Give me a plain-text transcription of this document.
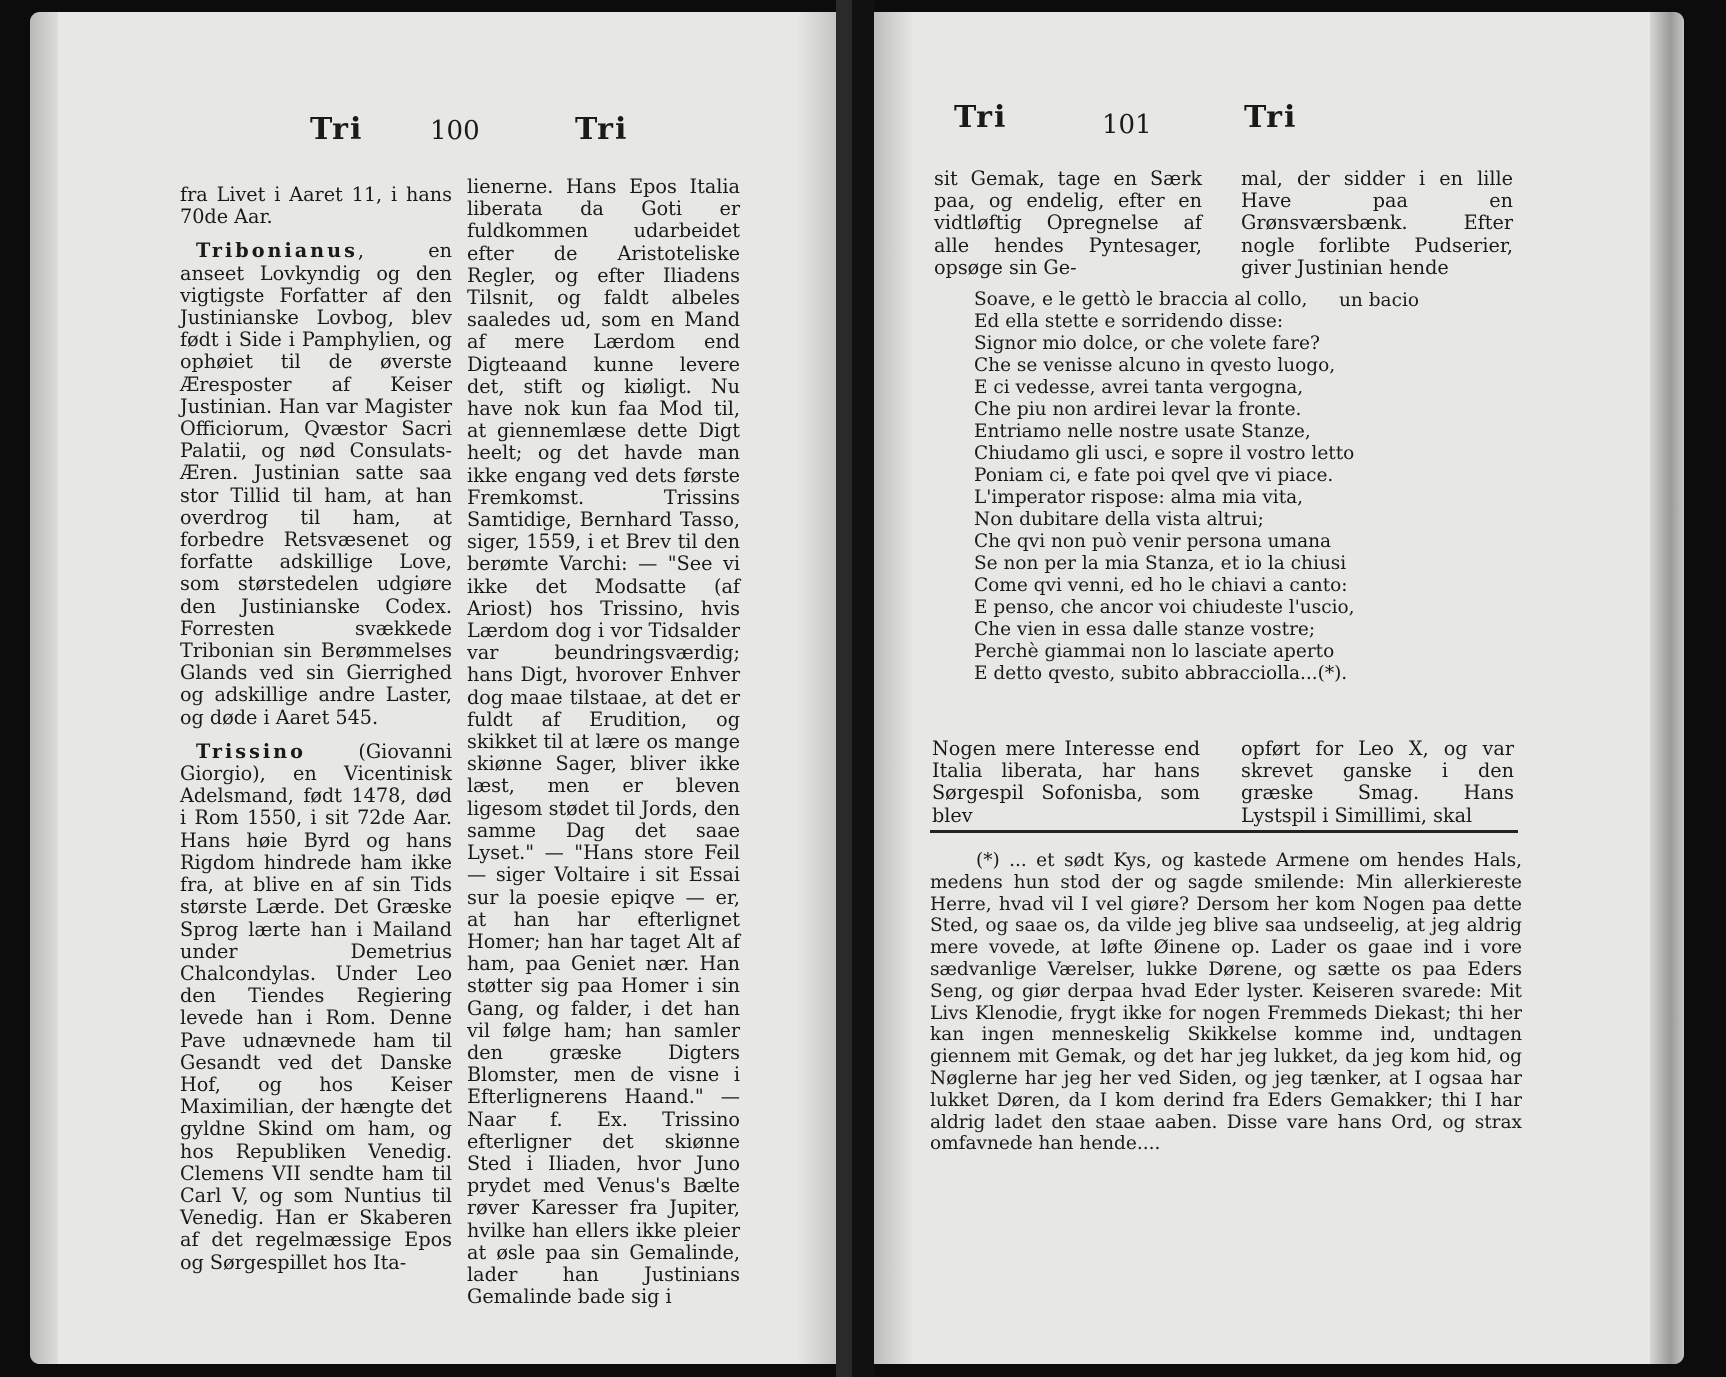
Tri	100	Tri

fra Livet i Aaret 11, i hans 70de Aar.

Tribonianus, en anseet Lovkyndig og den vigtigste Forfatter af den Justinianske Lovbog, blev født i Side i Pamphylien, og ophøiet til de øverste Æresposter af Keiser Justinian. Han var Magister Officiorum, Qvæstor Sacri Palatii, og nød Consulats-Æren. Justinian satte saa stor Tillid til ham, at han overdrog til ham, at forbedre Retsvæsenet og forfatte adskillige Love, som størstedelen udgiøre den Justinianske Codex. Forresten svækkede Tribonian sin Berømmelses Glands ved sin Gierrighed og adskillige andre Laster, og døde i Aaret 545.

Trissino (Giovanni Giorgio), en Vicentinisk Adelsmand, født 1478, død i Rom 1550, i sit 72de Aar. Hans høie Byrd og hans Rigdom hindrede ham ikke fra, at blive en af sin Tids største Lærde. Det Græske Sprog lærte han i Mailand under Demetrius Chalcondylas. Under Leo den Tiendes Regiering levede han i Rom. Denne Pave udnævnede ham til Gesandt ved det Danske Hof, og hos Keiser Maximilian, der hængte det gyldne Skind om ham, og hos Republiken Venedig. Clemens VII sendte ham til Carl V, og som Nuntius til Venedig. Han er Skaberen af det regelmæssige Epos og Sørgespillet hos Ita-

lienerne. Hans Epos Italia liberata da Goti er fuldkommen udarbeidet efter de Aristoteliske Regler, og efter Iliadens Tilsnit, og faldt albeles saaledes ud, som en Mand af mere Lærdom end Digteaand kunne levere det, stift og kiøligt. Nu have nok kun faa Mod til, at giennemlæse dette Digt heelt; og det havde man ikke engang ved dets første Fremkomst. Trissins Samtidige, Bernhard Tasso, siger, 1559, i et Brev til den berømte Varchi: — "See vi ikke det Modsatte (af Ariost) hos Trissino, hvis Lærdom dog i vor Tidsalder var beundringsværdig; hans Digt, hvorover Enhver dog maae tilstaae, at det er fuldt af Erudition, og skikket til at lære os mange skiønne Sager, bliver ikke læst, men er bleven ligesom stødet til Jords, den samme Dag det saae Lyset." — "Hans store Feil — siger Voltaire i sit Essai sur la poesie epiqve — er, at han har efterlignet Homer; han har taget Alt af ham, paa Geniet nær. Han støtter sig paa Homer i sin Gang, og falder, i det han vil følge ham; han samler den græske Digters Blomster, men de visne i Efterlignerens Haand." — Naar f. Ex. Trissino efterligner det skiønne Sted i Iliaden, hvor Juno prydet med Venus's Bælte røver Karesser fra Jupiter, hvilke han ellers ikke pleier at øsle paa sin Gemalinde, lader han Justinians Gemalinde bade sig i

Tri	101	Tri

sit Gemak, tage en Særk paa, og endelig, efter en vidtløftig Opregnelse af alle hendes Pyntesager, opsøge sin Ge-

mal, der sidder i en lille Have paa en Grønsværsbænk. Efter nogle forlibte Pudserier, giver Justinian hende

un bacio
Soave, e le gettò le braccia al collo,
Ed ella stette e sorridendo disse:
Signor mio dolce, or che volete fare?
Che se venisse alcuno in qvesto luogo,
E ci vedesse, avrei tanta vergogna,
Che piu non ardirei levar la fronte.
Entriamo nelle nostre usate Stanze,
Chiudamo gli usci, e sopre il vostro letto
Poniam ci, e fate poi qvel qve vi piace.
L'imperator rispose: alma mia vita,
Non dubitare della vista altrui;
Che qvi non può venir persona umana
Se non per la mia Stanza, et io la chiusi
Come qvi venni, ed ho le chiavi a canto:
E penso, che ancor voi chiudeste l'uscio,
Che vien in essa dalle stanze vostre;
Perchè giammai non lo lasciate aperto
E detto qvesto, subito abbracciolla...(*).

Nogen mere Interesse end Italia liberata, har hans Sørgespil Sofonisba, som blev

opført for Leo X, og var skrevet ganske i den græske Smag. Hans Lystspil i Simillimi, skal

(*) ... et sødt Kys, og kastede Armene om hendes Hals, medens hun stod der og sagde smilende: Min allerkiereste Herre, hvad vil I vel giøre? Dersom her kom Nogen paa dette Sted, og saae os, da vilde jeg blive saa undseelig, at jeg aldrig mere vovede, at løfte Øinene op. Lader os gaae ind i vore sædvanlige Værelser, lukke Dørene, og sætte os paa Eders Seng, og giør derpaa hvad Eder lyster. Keiseren svarede: Mit Livs Klenodie, frygt ikke for nogen Fremmeds Diekast; thi her kan ingen menneskelig Skikkelse komme ind, undtagen giennem mit Gemak, og det har jeg lukket, da jeg kom hid, og Nøglerne har jeg her ved Siden, og jeg tænker, at I ogsaa har lukket Døren, da I kom derind fra Eders Gemakker; thi I har aldrig ladet den staae aaben. Disse vare hans Ord, og strax omfavnede han hende....
